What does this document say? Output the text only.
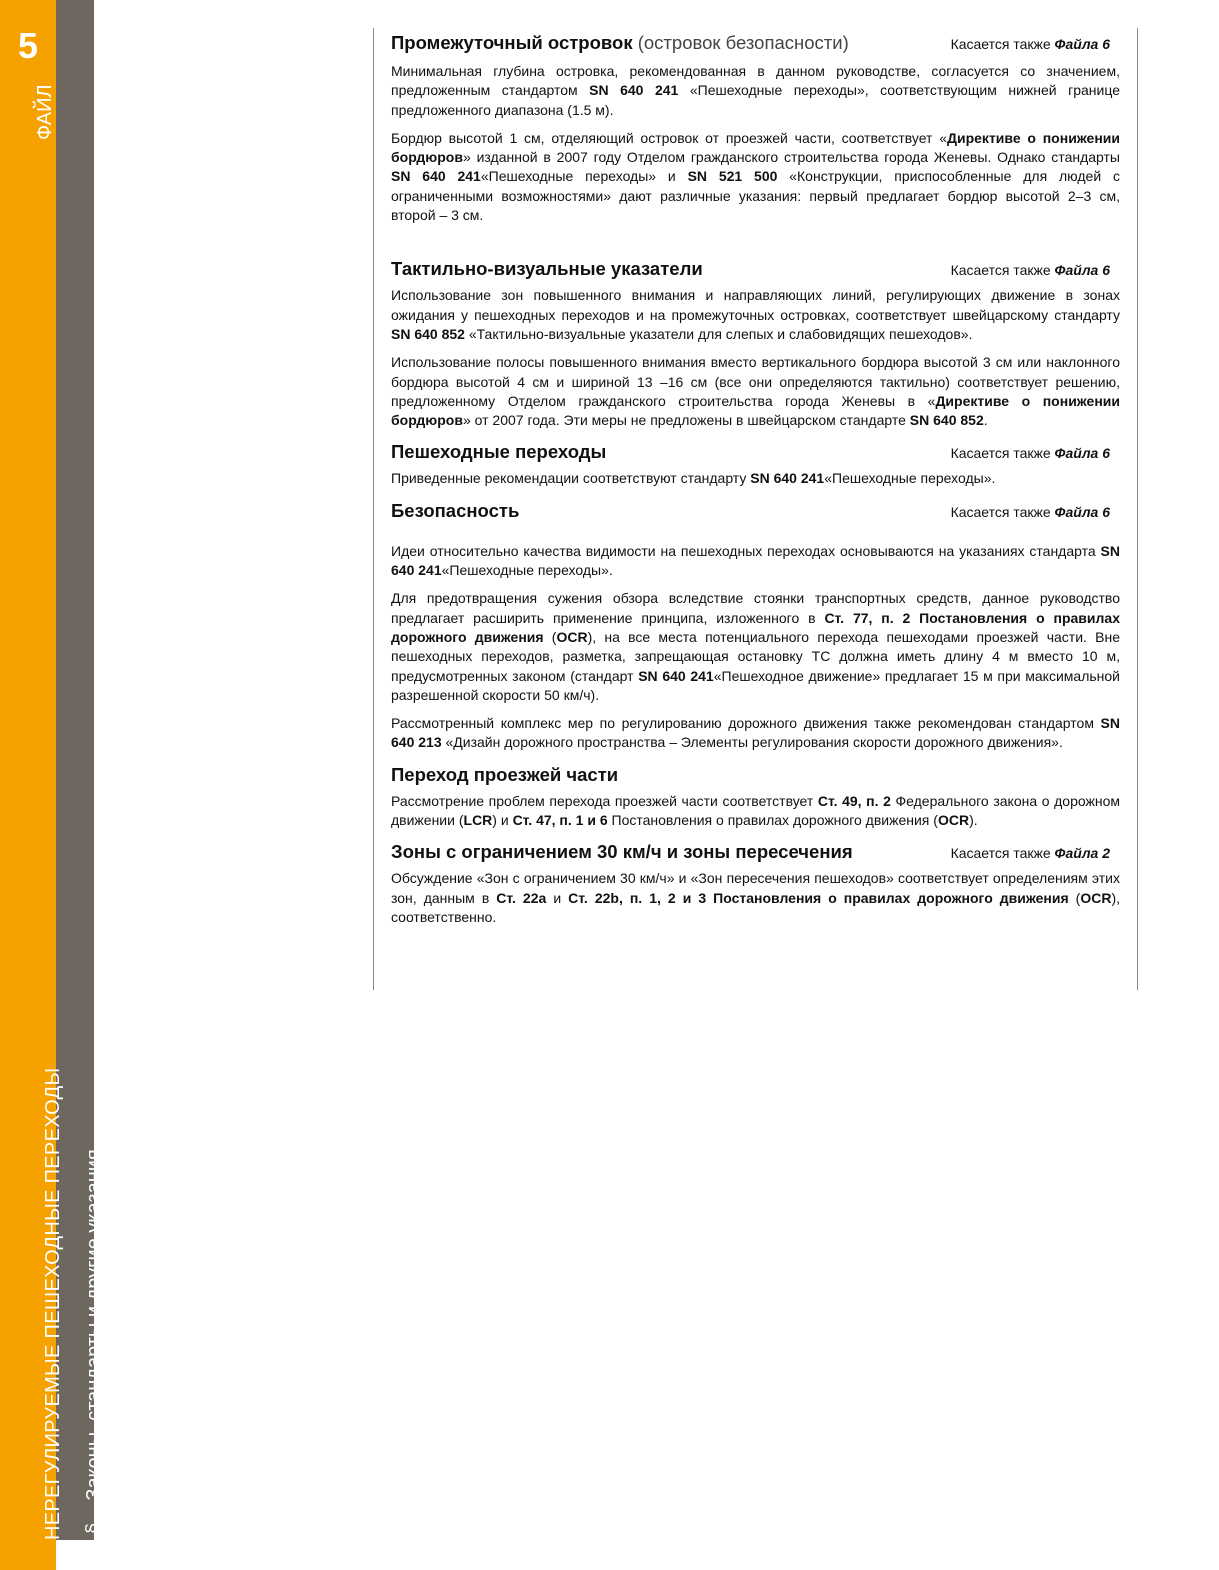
5
ФАЙЛ
НЕРЕГУЛИРУЕМЫЕ ПЕШЕХОДНЫЕ ПЕРЕХОДЫ § – Законы, стандарты и другие указания
Промежуточный островок (островок безопасности)	Касается также Файла 6

Минимальная глубина островка, рекомендованная в данном руководстве, согласуется со значением, предложенным стандартом SN 640 241 «Пешеходные переходы», соответствующим нижней границе предложенного диапазона (1.5 м).

Бордюр высотой 1 см, отделяющий островок от проезжей части, соответствует «Директиве о понижении бордюров» изданной в 2007 году Отделом гражданского строительства города Женевы. Однако стандарты SN 640 241«Пешеходные переходы» и SN 521 500 «Конструкции, приспособленные для людей с ограниченными возможностями» дают различные указания: первый предлагает бордюр высотой 2–3 см, второй – 3 см.

Тактильно-визуальные указатели	Касается также Файла 6

Использование зон повышенного внимания и направляющих линий, регулирующих движение в зонах ожидания у пешеходных переходов и на промежуточных островках, соответствует швейцарскому стандарту SN 640 852 «Тактильно-визуальные указатели для слепых и слабовидящих пешеходов».

Использование полосы повышенного внимания вместо вертикального бордюра высотой 3 см или наклонного бордюра высотой 4 см и шириной 13 –16 см (все они определяются тактильно) соответствует решению, предложенному Отделом гражданского строительства города Женевы в «Директиве о понижении бордюров» от 2007 года. Эти меры не предложены в швейцарском стандарте SN 640 852.

Пешеходные переходы	Касается также Файла 6

Приведенные рекомендации соответствуют стандарту SN 640 241«Пешеходные переходы».

Безопасность	Касается также Файла 6

Идеи относительно качества видимости на пешеходных переходах основываются на указаниях стандарта SN 640 241«Пешеходные переходы».

Для предотвращения сужения обзора вследствие стоянки транспортных средств, данное руководство предлагает расширить применение принципа, изложенного в Ст. 77, п. 2 Постановления о правилах дорожного движения (OCR), на все места потенциального перехода пешеходами проезжей части. Вне пешеходных переходов, разметка, запрещающая остановку ТС должна иметь длину 4 м вместо 10 м, предусмотренных законом (стандарт SN 640 241«Пешеходное движение» предлагает 15 м при максимальной разрешенной скорости 50 км/ч).

Рассмотренный комплекс мер по регулированию дорожного движения также рекомендован стандартом SN 640 213 «Дизайн дорожного пространства – Элементы регулирования скорости дорожного движения».

Переход проезжей части

Рассмотрение проблем перехода проезжей части соответствует Ст. 49, п. 2 Федерального закона о дорожном движении (LCR) и Ст. 47, п. 1 и 6 Постановления о правилах дорожного движения (OCR).

Зоны с ограничением 30 км/ч и зоны пересечения	Касается также Файла 2

Обсуждение «Зон с ограничением 30 км/ч» и «Зон пересечения пешеходов» соответствует определениям этих зон, данным в Ст. 22a и Ст. 22b, п. 1, 2 и 3 Постановления о правилах дорожного движения (OCR), соответственно.
